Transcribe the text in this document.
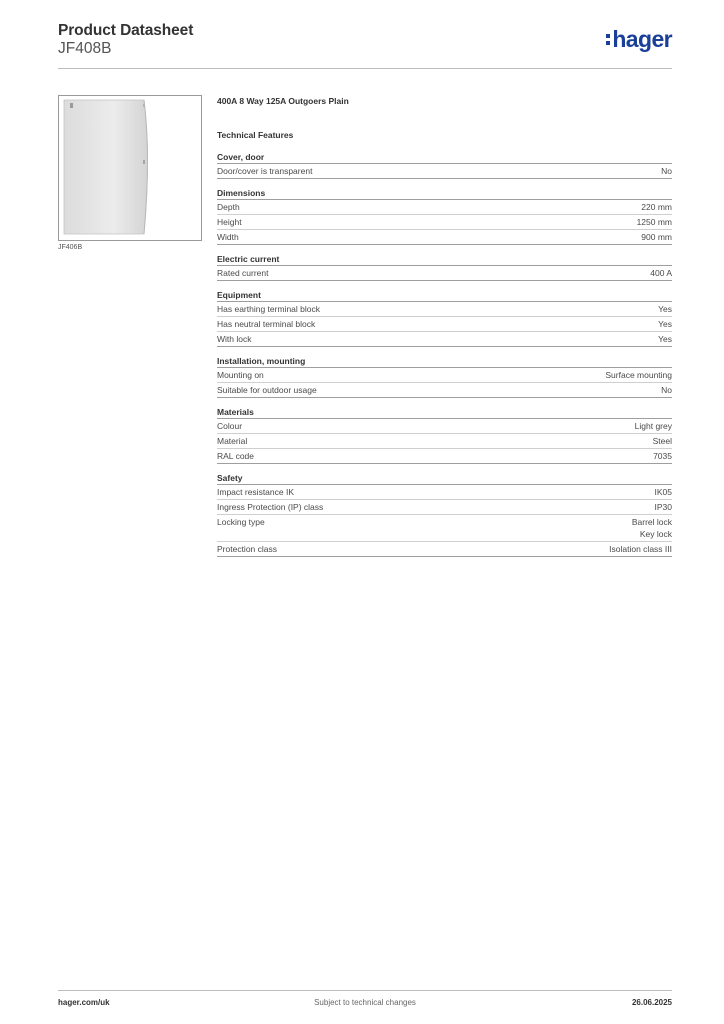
Product Datasheet
JF408B	hager
JF406B
400A 8 Way 125A Outgoers Plain
Technical Features
Cover, door
Door/cover is transparent	No
Dimensions
Depth	220 mm
Height	1250 mm
Width	900 mm
Electric current
Rated current	400 A
Equipment
Has earthing terminal block	Yes
Has neutral terminal block	Yes
With lock	Yes
Installation, mounting
Mounting on	Surface mounting
Suitable for outdoor usage	No
Materials
Colour	Light grey
Material	Steel
RAL code	7035
Safety
Impact resistance IK	IK05
Ingress Protection (IP) class	IP30
Locking type	Barrel lock
Key lock
Protection class	Isolation class III
hager.com/uk	Subject to technical changes	26.06.2025
